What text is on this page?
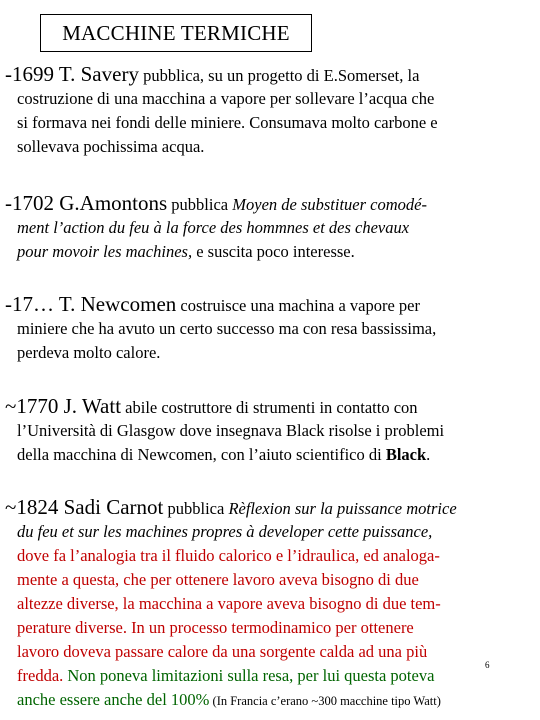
MACCHINE TERMICHE
-1699 T. Savery pubblica, su un progetto di E.Somerset, la
costruzione di una macchina a vapore per sollevare l’acqua che
si formava nei fondi delle miniere. Consumava molto carbone e
sollevava pochissima acqua.
-1702 G.Amontons pubblica Moyen de substituer comodé-
ment l’action du feu à la force des hommnes et des chevaux
pour movoir les machines, e suscita poco interesse.
-17… T. Newcomen costruisce una machina a vapore per
miniere che ha avuto un certo successo ma con resa bassissima,
perdeva molto calore.
~1770 J. Watt abile costruttore di strumenti in contatto con
l’Università di Glasgow dove insegnava Black risolse i problemi
della macchina di Newcomen, con l’aiuto scientifico di Black.
~1824 Sadi Carnot pubblica Rèflexion sur la puissance motrice
du feu et sur les machines propres à developer cette puissance,
dove fa l’analogia tra il fluido calorico e l’idraulica, ed analoga-
mente a questa, che per ottenere lavoro aveva bisogno di due
altezze diverse, la macchina a vapore aveva bisogno di due tem-
perature diverse. In un processo termodinamico per ottenere
lavoro doveva passare calore da una sorgente calda ad una più
fredda. Non poneva limitazioni sulla resa, per lui questa poteva
anche essere anche del 100% (In Francia c’erano ~300 macchine tipo Watt)
6
